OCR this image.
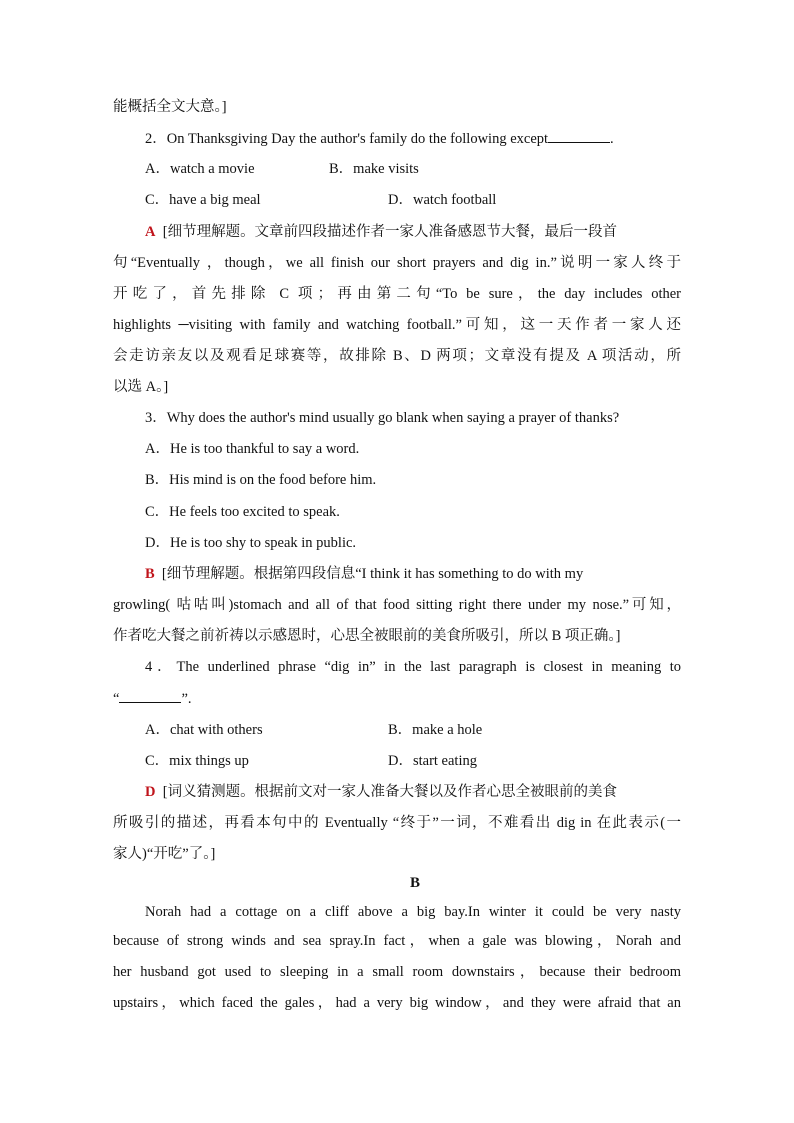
能概括全文大意。]
2．On Thanksgiving Day the author's family do the following except	.
A．watch a movie	B．make visits
C．have a big meal	D．watch football
A [细节理解题。文章前四段描述作者一家人准备感恩节大餐，最后一段首
句“Eventually ，though，we all finish our short prayers and dig in.”说明一家人终于
开吃了，首先排除 C 项；再由第二句“To be sure，the day includes other
highlights ─visiting with family and watching football.”可知，这一天作者一家人还
会走访亲友以及观看足球赛等，故排除 B、D 两项；文章没有提及 A 项活动，所
以选 A。]
3．Why does the author's mind usually go blank when saying a prayer of thanks?
A．He is too thankful to say a word.
B．His mind is on the food before him.
C．He feels too excited to speak.
D．He is too shy to speak in public.
B [细节理解题。根据第四段信息“I think it has something to do with my
growling( 咕咕叫)stomach and all of that food sitting right there under my nose.”可知，
作者吃大餐之前祈祷以示感恩时，心思全被眼前的美食所吸引，所以 B 项正确。]
4．The underlined phrase “dig in” in the last paragraph is closest in meaning to
“	”.
A．chat with others	B．make a hole
C．mix things up	D．start eating
D [词义猜测题。根据前文对一家人准备大餐以及作者心思全被眼前的美食
所吸引的描述，再看本句中的 Eventually “终于”一词，不难看出 dig in 在此表示(一
家人)“开吃”了。]
B
Norah had a cottage on a cliff above a big bay.In winter it could be very nasty
because of strong winds and sea spray.In fact，when a gale was blowing，Norah and
her husband got used to sleeping in a small room downstairs，because their bedroom
upstairs，which faced the gales，had a very big window，and they were afraid that an
